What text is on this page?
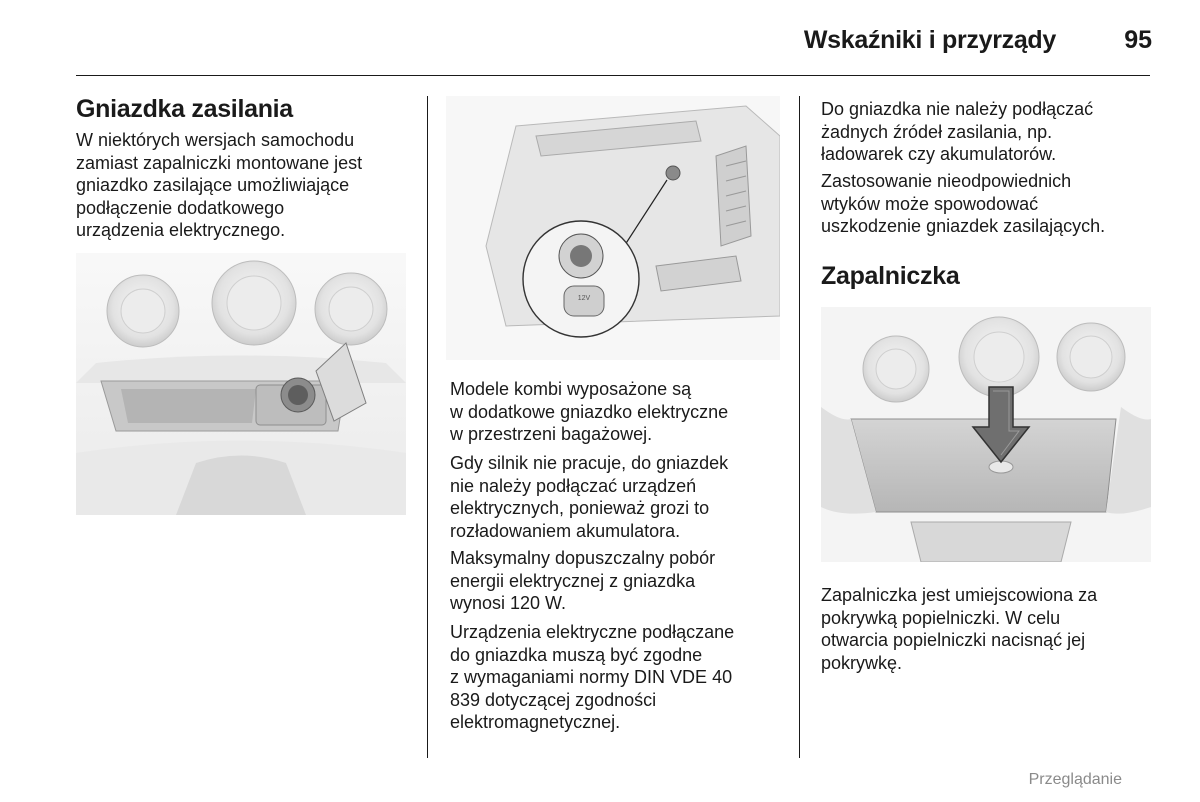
Wskaźniki i przyrządy	95
Gniazdka zasilania

W niektórych wersjach samochodu
zamiast zapalniczki montowane jest
gniazdko zasilające umożliwiające
podłączenie dodatkowego
urządzenia elektrycznego.

12V

Modele kombi wyposażone są
w dodatkowe gniazdko elektryczne
w przestrzeni bagażowej.

Gdy silnik nie pracuje, do gniazdek
nie należy podłączać urządzeń
elektrycznych, ponieważ grozi to
rozładowaniem akumulatora.

Maksymalny dopuszczalny pobór
energii elektrycznej z gniazdka
wynosi 120 W.

Urządzenia elektryczne podłączane
do gniazdka muszą być zgodne
z wymaganiami normy DIN VDE 40
839 dotyczącej zgodności
elektromagnetycznej.

Do gniazdka nie należy podłączać
żadnych źródeł zasilania, np.
ładowarek czy akumulatorów.

Zastosowanie nieodpowiednich
wtyków może spowodować
uszkodzenie gniazdek zasilających.

Zapalniczka

Zapalniczka jest umiejscowiona za
pokrywką popielniczki. W celu
otwarcia popielniczki nacisnąć jej
pokrywkę.

Przeglądanie
